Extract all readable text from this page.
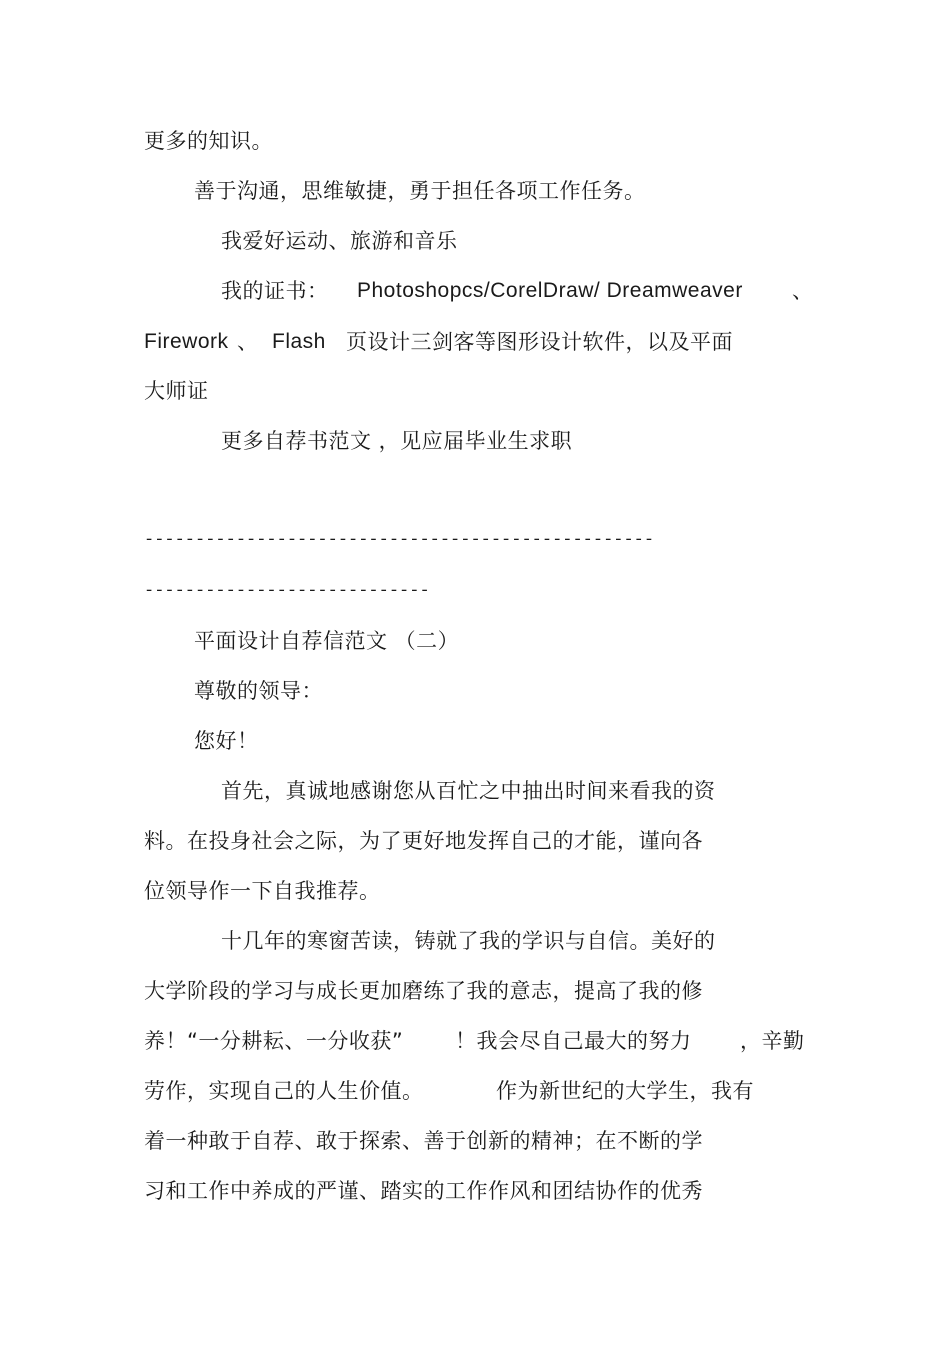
更多的知识。
善于沟通，思维敏捷，勇于担任各项工作任务。
我爱好运动、旅游和音乐
我的证书： Photoshopcs/CorelDraw/ Dreamweaver 、
Firework 、 Flash 页设计三剑客等图形设计软件，以及平面
大师证
更多自荐书范文 ，见应届毕业生求职
--------------------------------------------------
----------------------------
平面设计自荐信范文 （二）
尊敬的领导：
您好！
首先，真诚地感谢您从百忙之中抽出时间来看我的资
料。在投身社会之际，为了更好地发挥自己的才能，谨向各
位领导作一下自我推荐。
十几年的寒窗苦读，铸就了我的学识与自信。美好的
大学阶段的学习与成长更加磨练了我的意志，提高了我的修
养！“一分耕耘、一分收获” ！我会尽自己最大的努力 ，辛勤
劳作，实现自己的人生价值。	作为新世纪的大学生，我有
着一种敢于自荐、敢于探索、善于创新的精神；在不断的学
习和工作中养成的严谨、踏实的工作作风和团结协作的优秀
